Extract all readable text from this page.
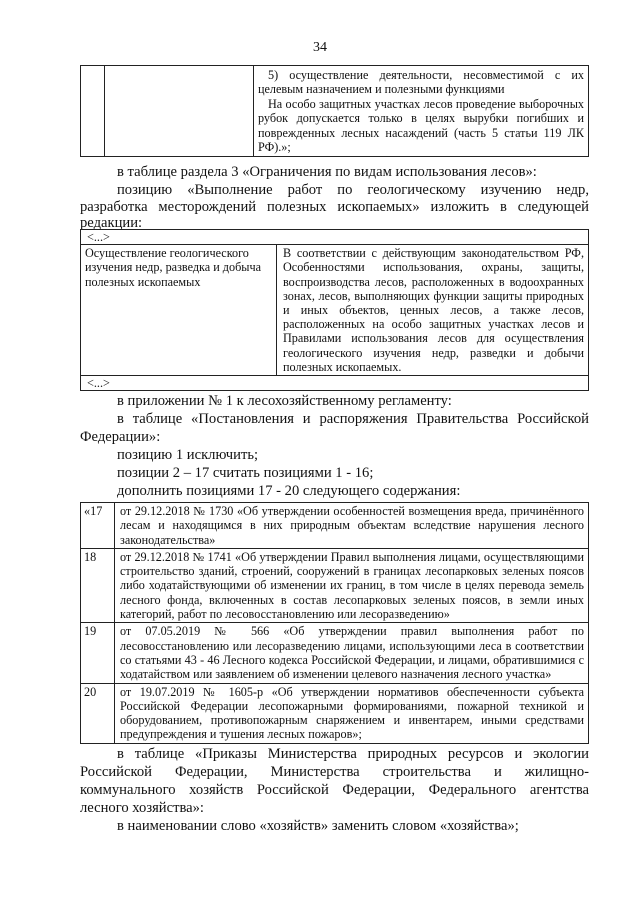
34

5) осуществление деятельности, несовместимой с их целевым назначением и полезными функциями
На особо защитных участках лесов проведение выборочных рубок допускается только в целях вырубки погибших и поврежденных лесных насаждений (часть 5 статьи 119 ЛК РФ).»;
в таблице раздела 3 «Ограничения по видам использования лесов»:
позицию «Выполнение работ по геологическому изучению недр,
разработка месторождений полезных ископаемых» изложить в следующей
редакции:
<...>
Осуществление геологического изучения недр, разведка и добыча полезных ископаемых	В соответствии с действующим законодательством РФ, Особенностями использования, охраны, защиты, воспроизводства лесов, расположенных в водоохранных зонах, лесов, выполняющих функции защиты природных и иных объектов, ценных лесов, а также лесов, расположенных на особо защитных участках лесов и Правилами использования лесов для осуществления геологического изучения недр, разведки и добычи полезных ископаемых.
<...>
в приложении № 1 к лесохозяйственному регламенту:
в таблице «Постановления и распоряжения Правительства Российской
Федерации»:
позицию 1 исключить;
позиции 2 – 17 считать позициями 1 - 16;
дополнить позициями 17 - 20 следующего содержания:
«17	от 29.12.2018 № 1730 «Об утверждении особенностей возмещения вреда, причинённого лесам и находящимся в них природным объектам вследствие нарушения лесного законодательства»
18	от 29.12.2018 № 1741 «Об утверждении Правил выполнения лицами, осуществляющими строительство зданий, строений, сооружений в границах лесопарковых зеленых поясов либо ходатайствующими об изменении их границ, в том числе в целях перевода земель лесного фонда, включенных в состав лесопарковых зеленых поясов, в земли иных категорий, работ по лесовосстановлению или лесоразведению»
19	от 07.05.2019 № 566 «Об утверждении правил выполнения работ по лесовосстановлению или лесоразведению лицами, использующими леса в соответствии со статьями 43 - 46 Лесного кодекса Российской Федерации, и лицами, обратившимися с ходатайством или заявлением об изменении целевого назначения лесного участка»
20	от 19.07.2019 № 1605-р «Об утверждении нормативов обеспеченности субъекта Российской Федерации лесопожарными формированиями, пожарной техникой и оборудованием, противопожарным снаряжением и инвентарем, иными средствами предупреждения и тушения лесных пожаров»;
в таблице «Приказы Министерства природных ресурсов и экологии
Российской Федерации, Министерства строительства и жилищно-
коммунального хозяйств Российской Федерации, Федерального агентства
лесного хозяйства»:
в наименовании слово «хозяйств» заменить словом «хозяйства»;
